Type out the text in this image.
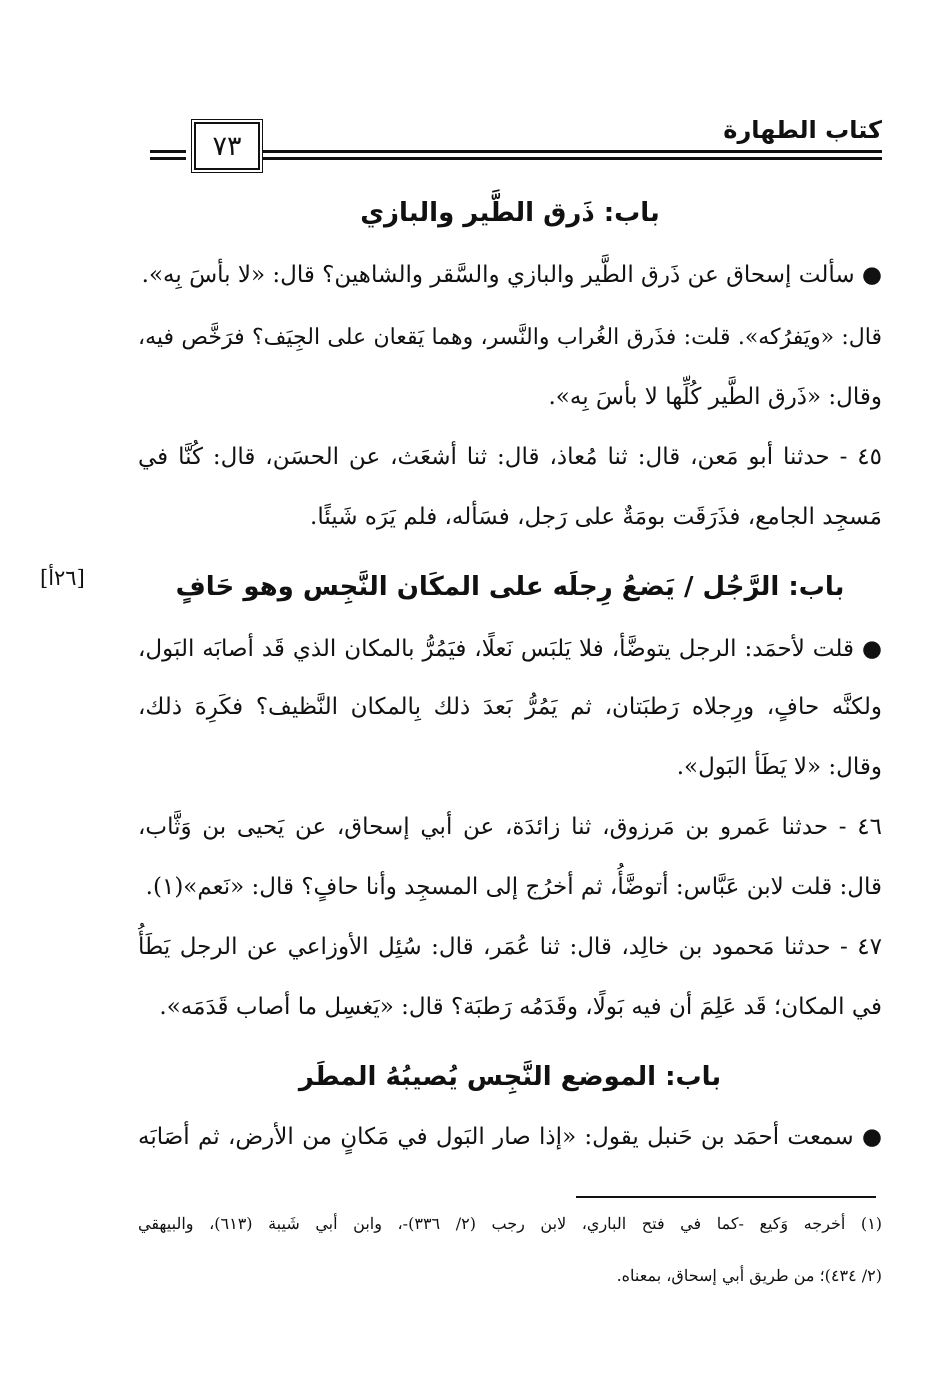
كتاب الطهارة
٧٣
باب: ذَرق الطَّير والبازي
● سألت إسحاق عن ذَرق الطَّير والبازي والسَّقر والشاهين؟ قال: «لا بأسَ بِه».
قال: «ويَفرُكه». قلت: فذَرق الغُراب والنَّسر، وهما يَقعان على الجِيَف؟ فرَخَّص فيه،
وقال: «ذَرق الطَّير كُلِّها لا بأسَ بِه».
٤٥ - حدثنا أبو مَعن، قال: ثنا مُعاذ، قال: ثنا أشعَث، عن الحسَن، قال: كُنَّا في
مَسجِد الجامع، فذَرَقَت بومَةٌ على رَجل، فسَأله، فلم يَرَه شَيئًا.
[٢٦أ]	باب: الرَّجُل / يَضعُ رِجلَه على المكَان النَّجِس وهو حَافٍ
● قلت لأحمَد: الرجل يتوضَّأ، فلا يَلبَس نَعلًا، فيَمُرُّ بالمكان الذي قَد أصابَه البَول،
ولكنَّه حافٍ، ورِجلاه رَطبَتان، ثم يَمُرُّ بَعدَ ذلك بِالمكان النَّظيف؟ فكَرِهَ ذلك،
وقال: «لا يَطَأ البَول».
٤٦ - حدثنا عَمرو بن مَرزوق، ثنا زائدَة، عن أبي إسحاق، عن يَحيى بن وَثَّاب،
قال: قلت لابن عَبَّاس: أتوضَّأُ، ثم أخرُج إلى المسجِد وأنا حافٍ؟ قال: «نَعم»(١).
٤٧ - حدثنا مَحمود بن خالِد، قال: ثنا عُمَر، قال: سُئِل الأوزاعي عن الرجل يَطَأُ
في المكان؛ قَد عَلِمَ أن فيه بَولًا، وقَدَمُه رَطبَة؟ قال: «يَغسِل ما أصاب قَدَمَه».
باب: الموضع النَّجِس يُصيبُهُ المطَر
● سمعت أحمَد بن حَنبل يقول: «إذا صار البَول في مَكانٍ من الأرض، ثم أصَابَه
(١) أخرجه وَكيع -كما في فتح الباري، لابن رجب (٢/ ٣٣٦)-، وابن أبي شَيبة (٦١٣)، والبيهقي
(٢/ ٤٣٤)؛ من طريق أبي إسحاق، بمعناه.
